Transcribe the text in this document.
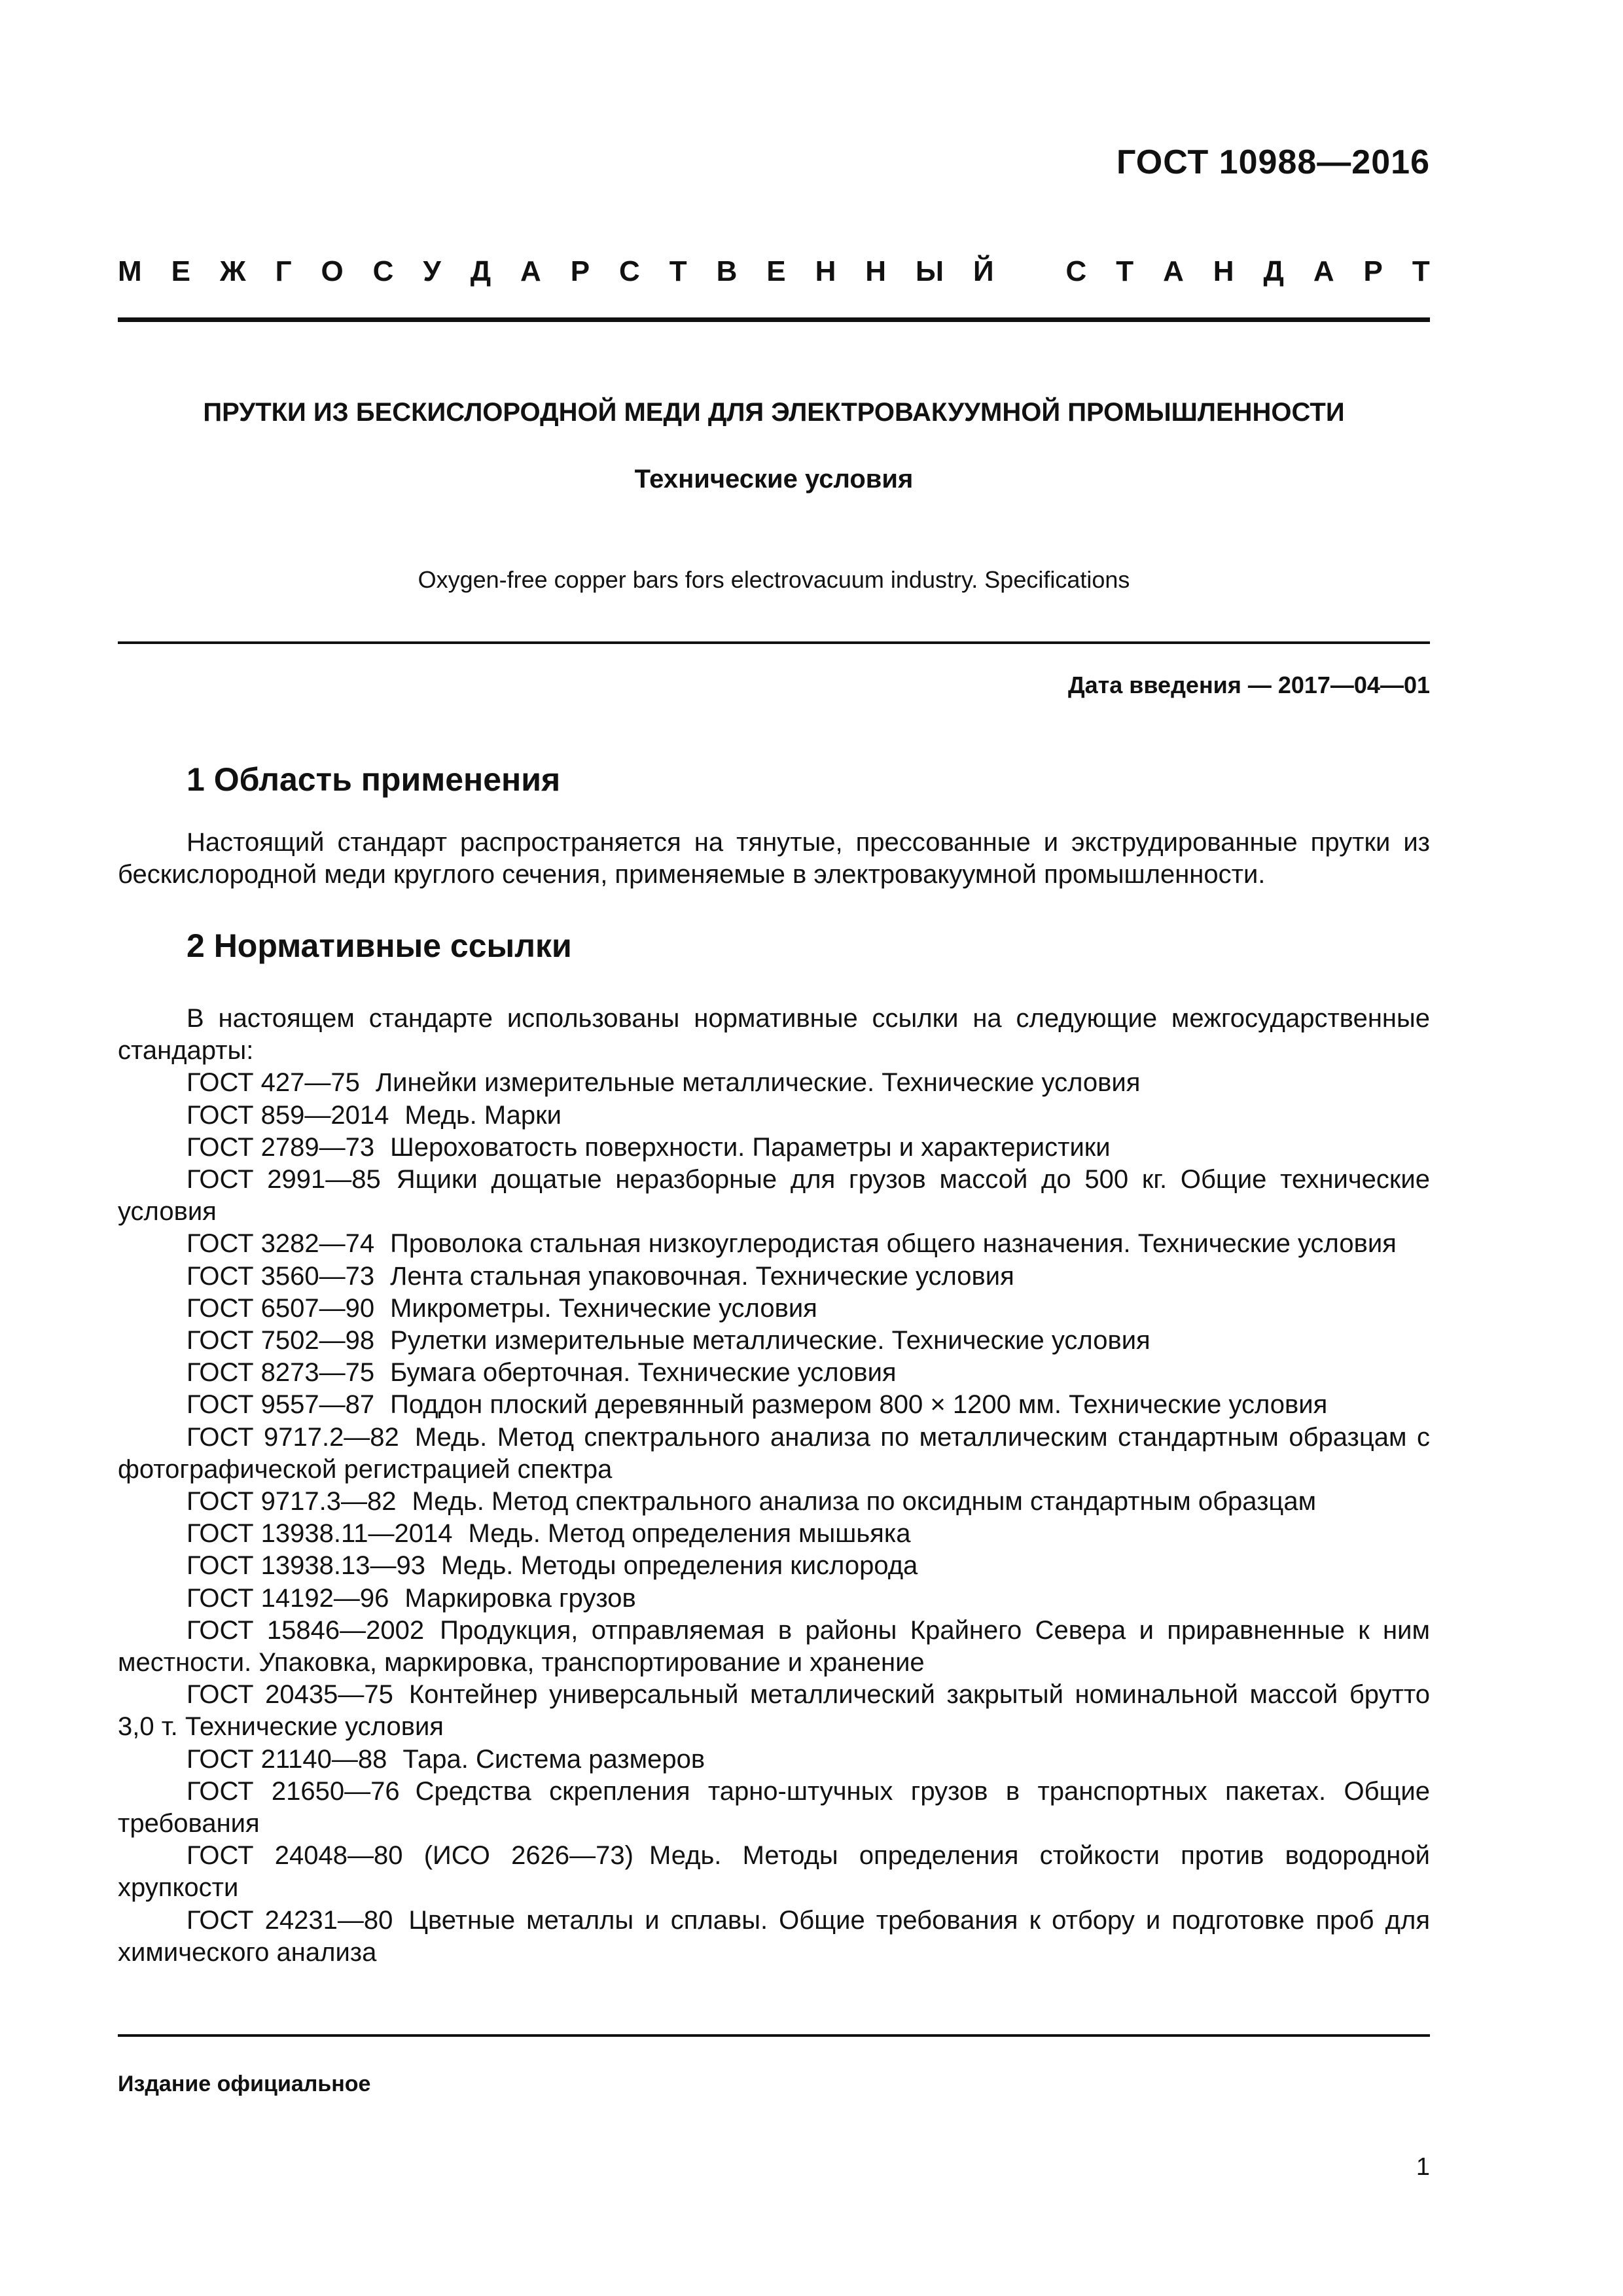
ГОСТ 10988—2016
М Е Ж Г О С У Д А Р С Т В Е Н Н Ы Й С Т А Н Д А Р Т
ПРУТКИ ИЗ БЕСКИСЛОРОДНОЙ МЕДИ ДЛЯ ЭЛЕКТРОВАКУУМНОЙ ПРОМЫШЛЕННОСТИ
Технические условия
Oxygen-free copper bars fors electrovacuum industry. Specifications
Дата введения — 2017—04—01
1 Область применения

Настоящий стандарт распространяется на тянутые, прессованные и экструдированные прутки из бескислородной меди круглого сечения, применяемые в электровакуумной промышленности.

2 Нормативные ссылки

В настоящем стандарте использованы нормативные ссылки на следующие межгосударственные стандарты:

ГОСТ 427—75 Линейки измерительные металлические. Технические условия

ГОСТ 859—2014 Медь. Марки

ГОСТ 2789—73 Шероховатость поверхности. Параметры и характеристики

ГОСТ 2991—85 Ящики дощатые неразборные для грузов массой до 500 кг. Общие технические условия

ГОСТ 3282—74 Проволока стальная низкоуглеродистая общего назначения. Технические условия

ГОСТ 3560—73 Лента стальная упаковочная. Технические условия

ГОСТ 6507—90 Микрометры. Технические условия

ГОСТ 7502—98 Рулетки измерительные металлические. Технические условия

ГОСТ 8273—75 Бумага оберточная. Технические условия

ГОСТ 9557—87 Поддон плоский деревянный размером 800 × 1200 мм. Технические условия

ГОСТ 9717.2—82 Медь. Метод спектрального анализа по металлическим стандартным образцам с фотографической регистрацией спектра

ГОСТ 9717.3—82 Медь. Метод спектрального анализа по оксидным стандартным образцам

ГОСТ 13938.11—2014 Медь. Метод определения мышьяка

ГОСТ 13938.13—93 Медь. Методы определения кислорода

ГОСТ 14192—96 Маркировка грузов

ГОСТ 15846—2002 Продукция, отправляемая в районы Крайнего Севера и приравненные к ним местности. Упаковка, маркировка, транспортирование и хранение

ГОСТ 20435—75 Контейнер универсальный металлический закрытый номинальной массой брутто 3,0 т. Технические условия

ГОСТ 21140—88 Тара. Система размеров

ГОСТ 21650—76 Средства скрепления тарно-штучных грузов в транспортных пакетах. Общие требования

ГОСТ 24048—80 (ИСО 2626—73) Медь. Методы определения стойкости против водородной хрупкости

ГОСТ 24231—80 Цветные металлы и сплавы. Общие требования к отбору и подготовке проб для химического анализа

Издание официальное
1
